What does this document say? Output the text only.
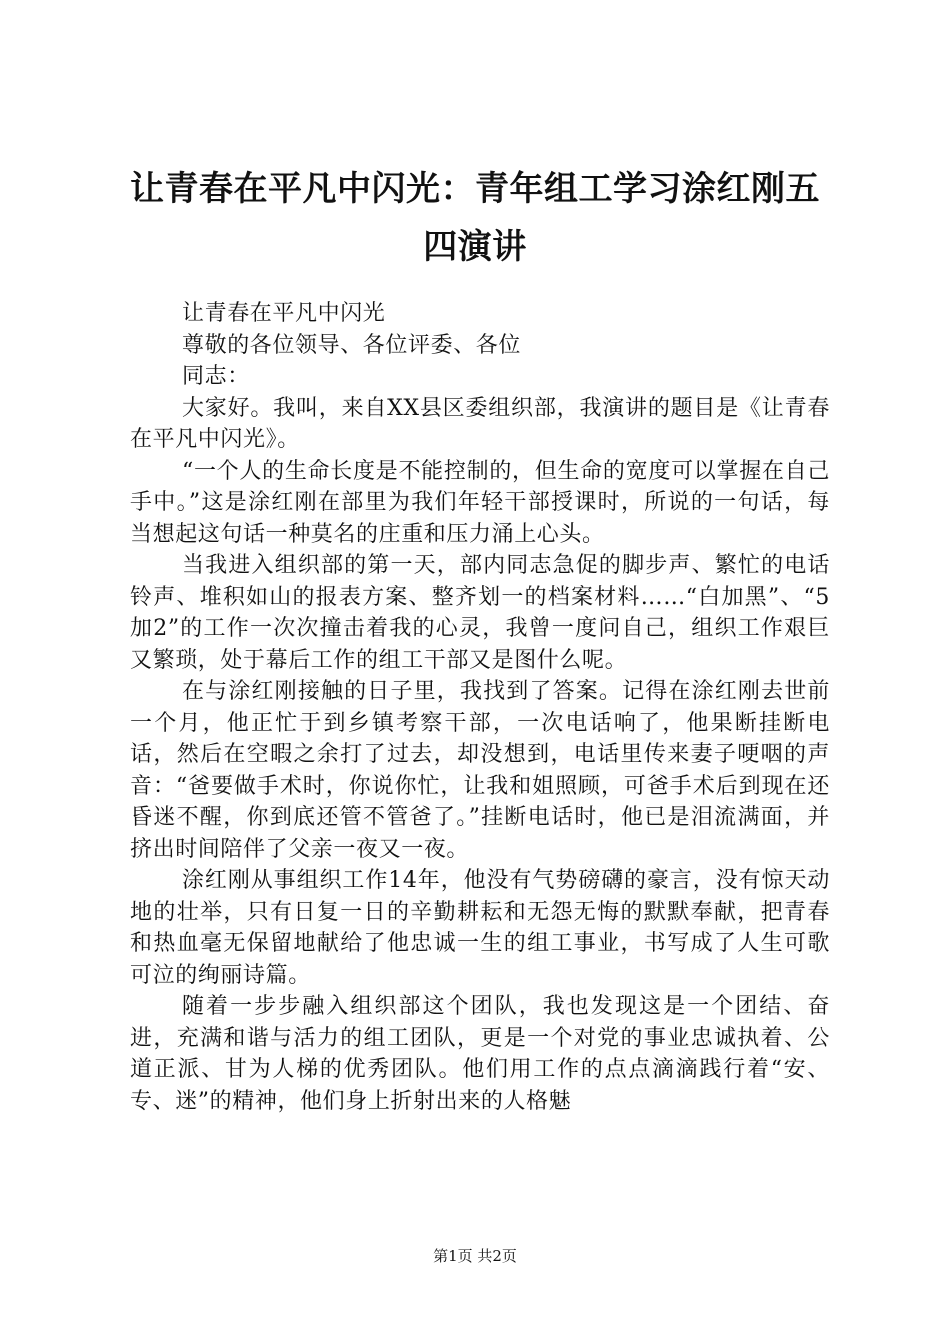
让青春在平凡中闪光：青年组工学习涂红刚五四演讲

让青春在平凡中闪光

尊敬的各位领导、各位评委、各位

同志：

大家好。我叫，来自XX县区委组织部，我演讲的题目是《让青春在平凡中闪光》。

“一个人的生命长度是不能控制的，但生命的宽度可以掌握在自己手中。”这是涂红刚在部里为我们年轻干部授课时，所说的一句话，每当想起这句话一种莫名的庄重和压力涌上心头。

当我进入组织部的第一天，部内同志急促的脚步声、繁忙的电话铃声、堆积如山的报表方案、整齐划一的档案材料……“白加黑”、“5加2”的工作一次次撞击着我的心灵，我曾一度问自己，组织工作艰巨又繁琐，处于幕后工作的组工干部又是图什么呢。

在与涂红刚接触的日子里，我找到了答案。记得在涂红刚去世前一个月，他正忙于到乡镇考察干部，一次电话响了，他果断挂断电话，然后在空暇之余打了过去，却没想到，电话里传来妻子哽咽的声音：“爸要做手术时，你说你忙，让我和姐照顾，可爸手术后到现在还昏迷不醒，你到底还管不管爸了。”挂断电话时，他已是泪流满面，并挤出时间陪伴了父亲一夜又一夜。

涂红刚从事组织工作14年，他没有气势磅礴的豪言，没有惊天动地的壮举，只有日复一日的辛勤耕耘和无怨无悔的默默奉献，把青春和热血毫无保留地献给了他忠诚一生的组工事业，书写成了人生可歌可泣的绚丽诗篇。

随着一步步融入组织部这个团队，我也发现这是一个团结、奋进，充满和谐与活力的组工团队，更是一个对党的事业忠诚执着、公道正派、甘为人梯的优秀团队。他们用工作的点点滴滴践行着“安、专、迷”的精神，他们身上折射出来的人格魅

第1页 共2页
